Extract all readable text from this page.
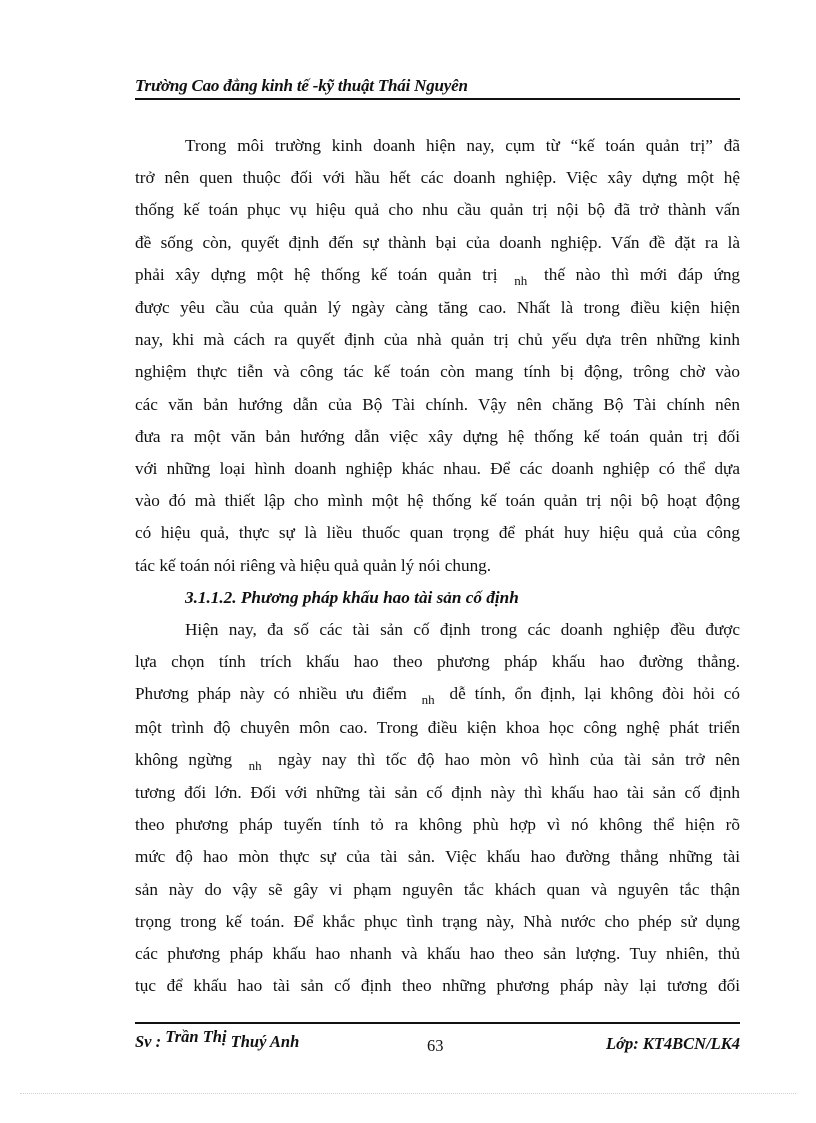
Trường Cao đẳng kinh tế -kỹ thuật Thái Nguyên
Trong môi trường kinh doanh hiện nay, cụm từ “kế toán quản trị” đã
trở nên quen thuộc đối với hầu hết các doanh nghiệp. Việc xây dựng một hệ
thống kế toán phục vụ hiệu quả cho nhu cầu quản trị nội bộ đã trở thành vấn
đề sống còn, quyết định đến sự thành bại của doanh nghiệp. Vấn đề đặt ra là
phải xây dựng một hệ thống kế toán quản trị $_{nh}$ thế nào thì mới đáp ứng
được yêu cầu của quản lý ngày càng tăng cao. Nhất là trong điều kiện hiện
nay, khi mà cách ra quyết định của nhà quản trị chủ yếu dựa trên những kinh
nghiệm thực tiễn và công tác kế toán còn mang tính bị động, trông chờ vào
các văn bản hướng dẫn của Bộ Tài chính. Vậy nên chăng Bộ Tài chính nên
đưa ra một văn bản hướng dẫn việc xây dựng hệ thống kế toán quản trị đối
với những loại hình doanh nghiệp khác nhau. Để các doanh nghiệp có thể dựa
vào đó mà thiết lập cho mình một hệ thống kế toán quản trị nội bộ hoạt động
có hiệu quả, thực sự là liều thuốc quan trọng để phát huy hiệu quả của công
tác kế toán nói riêng và hiệu quả quản lý nói chung.
3.1.1.2. Phương pháp khấu hao tài sản cố định
Hiện nay, đa số các tài sản cố định trong các doanh nghiệp đều được
lựa chọn tính trích khấu hao theo phương pháp khấu hao đường thẳng.
Phương pháp này có nhiều ưu điểm $_{nh}$ dễ tính, ổn định, lại không đòi hỏi có
một trình độ chuyên môn cao. Trong điều kiện khoa học công nghệ phát triển
không ngừng $_{nh}$ ngày nay thì tốc độ hao mòn vô hình của tài sản trở nên
tương đối lớn. Đối với những tài sản cố định này thì khấu hao tài sản cố định
theo phương pháp tuyến tính tỏ ra không phù hợp vì nó không thể hiện rõ
mức độ hao mòn thực sự của tài sản. Việc khấu hao đường thẳng những tài
sản này do vậy sẽ gây vi phạm nguyên tắc khách quan và nguyên tắc thận
trọng trong kế toán. Để khắc phục tình trạng này, Nhà nước cho phép sử dụng
các phương pháp khấu hao nhanh và khấu hao theo sản lượng. Tuy nhiên, thủ
tục để khấu hao tài sản cố định theo những phương pháp này lại tương đối
Sv : Trần Thị Thuý Anh	63	Lớp: KT4BCN/LK4
